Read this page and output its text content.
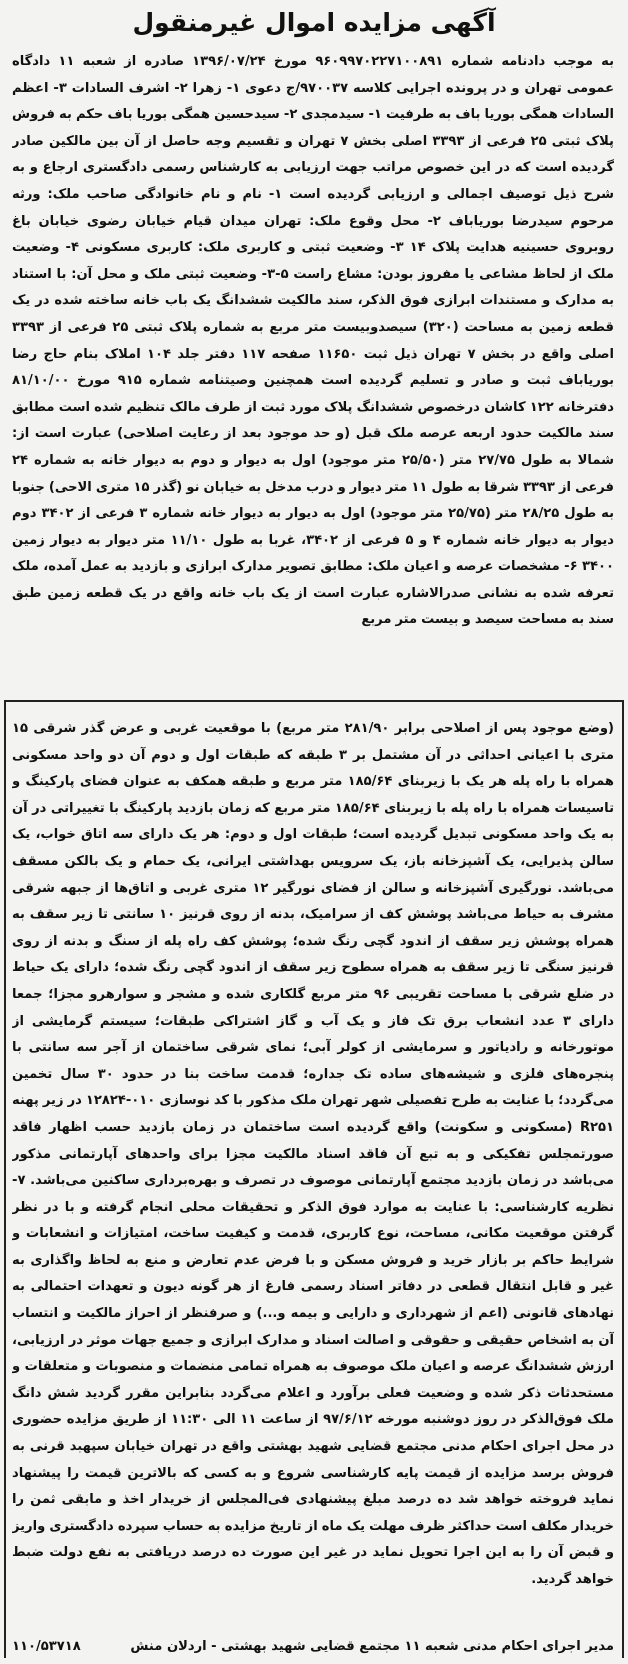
آگهی مزایده اموال غیرمنقول
به موجب دادنامه شماره ۹۶۰۹۹۷۰۲۲۷۱۰۰۸۹۱ مورخ ۱۳۹۶/۰۷/۲۴ صادره از شعبه ۱۱ دادگاه عمومی تهران و در پرونده اجرایی کلاسه ۹۷۰۰۳۷/ج دعوی ۱- زهرا ۲- اشرف السادات ۳- اعظم السادات همگی بوریا باف به طرفیت ۱- سیدمجدی ۲- سیدحسین همگی بوریا باف حکم به فروش پلاک ثبتی ۲۵ فرعی از ۳۳۹۳ اصلی بخش ۷ تهران و تقسیم وجه حاصل از آن بین مالکین صادر گردیده است که در این خصوص مراتب جهت ارزیابی به کارشناس رسمی دادگستری ارجاع و به شرح ذیل توصیف اجمالی و ارزیابی گردیده است ۱- نام و نام خانوادگی صاحب ملک: ورثه مرحوم سیدرضا بوریاباف ۲- محل وقوع ملک: تهران میدان قیام خیابان رضوی خیابان باغ روبروی حسینیه هدایت پلاک ۱۴ ۳- وضعیت ثبتی و کاربری ملک: کاربری مسکونی ۴- وضعیت ملک از لحاظ مشاعی یا مفروز بودن: مشاع راست ۵-۳- وضعیت ثبتی ملک و محل آن: با استناد به مدارک و مستندات ابرازی فوق الذکر، سند مالکیت ششدانگ یک باب خانه ساخته شده در یک قطعه زمین به مساحت (۳۲۰) سیصدوبیست متر مربع به شماره پلاک ثبتی ۲۵ فرعی از ۳۳۹۳ اصلی واقع در بخش ۷ تهران ذیل ثبت ۱۱۶۵۰ صفحه ۱۱۷ دفتر جلد ۱۰۴ املاک بنام حاج رضا بوریاباف ثبت و صادر و تسلیم گردیده است همچنین وصیتنامه شماره ۹۱۵ مورخ ۸۱/۱۰/۰۰ دفترخانه ۱۲۲ کاشان درخصوص ششدانگ پلاک مورد ثبت از طرف مالک تنظیم شده است مطابق سند مالکیت حدود اربعه عرصه ملک قبل (و حد موجود بعد از رعایت اصلاحی) عبارت است از: شمالا به طول ۲۷/۷۵ متر (۲۵/۵۰ متر موجود) اول به دیوار و دوم به دیوار خانه به شماره ۲۴ فرعی از ۳۳۹۳ شرقا به طول ۱۱ متر دیوار و درب مدخل به خیابان نو (گذر ۱۵ متری الاحی) جنوبا به طول ۲۸/۲۵ متر (۲۵/۷۵ متر موجود) اول به دیوار به دیوار خانه شماره ۳ فرعی از ۳۴۰۲ دوم دیوار به دیوار خانه شماره ۴ و ۵ فرعی از ۳۴۰۲، غربا به طول ۱۱/۱۰ متر دیوار به دیوار زمین ۳۴۰۰ ۶- مشخصات عرصه و اعیان ملک: مطابق تصویر مدارک ابرازی و بازدید به عمل آمده، ملک تعرفه شده به نشانی صدرالاشاره عبارت است از یک باب خانه واقع در یک قطعه زمین طبق سند به مساحت سیصد و بیست متر مربع
(وضع موجود پس از اصلاحی برابر ۲۸۱/۹۰ متر مربع) با موقعیت غربی و عرض گذر شرقی ۱۵ متری با اعیانی احداثی در آن مشتمل بر ۳ طبقه که طبقات اول و دوم آن دو واحد مسکونی همراه با راه پله هر یک با زیربنای ۱۸۵/۶۴ متر مربع و طبقه همکف به عنوان فضای پارکینگ و تاسیسات همراه با راه پله با زیربنای ۱۸۵/۶۴ متر مربع که زمان بازدید پارکینگ با تغییراتی در آن به یک واحد مسکونی تبدیل گردیده است؛ طبقات اول و دوم: هر یک دارای سه اتاق خواب، یک سالن پذیرایی، یک آشپزخانه باز، یک سرویس بهداشتی ایرانی، یک حمام و یک بالکن مسقف می‌باشد. نورگیری آشپزخانه و سالن از فضای نورگیر ۱۲ متری غربی و اتاق‌ها از جبهه شرقی مشرف به حیاط می‌باشد پوشش کف از سرامیک، بدنه از روی قرنیز ۱۰ سانتی تا زیر سقف به همراه پوشش زیر سقف از اندود گچی رنگ شده؛ پوشش کف راه پله از سنگ و بدنه از روی قرنیز سنگی تا زیر سقف به همراه سطوح زیر سقف از اندود گچی رنگ شده؛ دارای یک حیاط در ضلع شرقی با مساحت تقریبی ۹۶ متر مربع گلکاری شده و مشجر و سوارهرو مجزا؛ جمعا دارای ۳ عدد انشعاب برق تک فاز و یک آب و گاز اشتراکی طبقات؛ سیستم گرمایشی از موتورخانه و رادیاتور و سرمایشی از کولر آبی؛ نمای شرقی ساختمان از آجر سه سانتی با پنجره‌های فلزی و شیشه‌های ساده تک جداره؛ قدمت ساخت بنا در حدود ۳۰ سال تخمین می‌گردد؛ با عنایت به طرح تفصیلی شهر تهران ملک مذکور با کد نوسازی ۰۱۰-۱۲۸۲۴ در زیر پهنه R۲۵۱ (مسکونی و سکونت) واقع گردیده است ساختمان در زمان بازدید حسب اظهار فاقد صورتمجلس تفکیکی و به تبع آن فاقد اسناد مالکیت مجزا برای واحدهای آپارتمانی مذکور می‌باشد در زمان بازدید مجتمع آپارتمانی موصوف در تصرف و بهره‌برداری ساکنین می‌باشد. ۷- نظریه کارشناسی: با عنایت به موارد فوق الذکر و تحقیقات محلی انجام گرفته و با در نظر گرفتن موقعیت مکانی، مساحت، نوع کاربری، قدمت و کیفیت ساخت، امتیازات و انشعابات و شرایط حاکم بر بازار خرید و فروش مسکن و با فرض عدم تعارض و منع به لحاظ واگذاری به غیر و قابل انتقال قطعی در دفاتر اسناد رسمی فارغ از هر گونه دیون و تعهدات احتمالی به نهادهای قانونی (اعم از شهرداری و دارایی و بیمه و...) و صرفنظر از احراز مالکیت و انتساب آن به اشخاص حقیقی و حقوقی و اصالت اسناد و مدارک ابرازی و جمیع جهات موثر در ارزیابی، ارزش ششدانگ عرصه و اعیان ملک موصوف به همراه تمامی منضمات و منصوبات و متعلقات و مستحدثات ذکر شده و وضعیت فعلی برآورد و اعلام می‌گردد بنابراین مقرر گردید شش دانگ ملک فوق‌الذکر در روز دوشنبه مورخه ۹۷/۶/۱۲ از ساعت ۱۱ الی ۱۱:۳۰ از طریق مزایده حضوری در محل اجرای احکام مدنی مجتمع قضایی شهید بهشتی واقع در تهران خیابان سپهبد قرنی به فروش برسد مزایده از قیمت پایه کارشناسی شروع و به کسی که بالاترین قیمت را پیشنهاد نماید فروخته خواهد شد ده درصد مبلغ پیشنهادی فی‌المجلس از خریدار اخذ و مابقی ثمن را خریدار مکلف است حداکثر ظرف مهلت یک ماه از تاریخ مزایده به حساب سپرده دادگستری واریز و قبض آن را به این اجرا تحویل نماید در غیر این صورت ده درصد دریافتی به نفع دولت ضبط خواهد گردید.
مدیر اجرای احکام مدنی شعبه ۱۱ مجتمع قضایی شهید بهشتی - اردلان منش
۱۱۰/۵۳۷۱۸
